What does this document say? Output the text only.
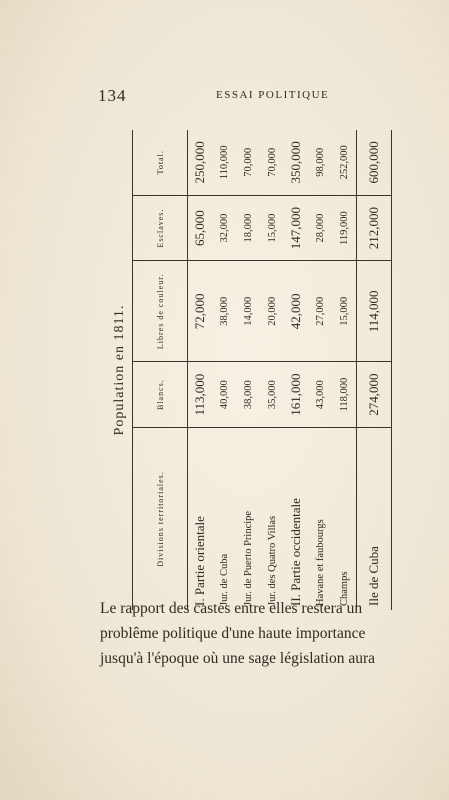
134	ESSAI POLITIQUE
Population en 1811.
Divisions territoriales.	Blancs.	Libres de couleur.	Esclaves.	Total.
I. Partie orientale	113,000	72,000	65,000	250,000
Jur. de Cuba	40,000	38,000	32,000	110,000
Jur. de Puerto Principe	38,000	14,000	18,000	70,000
Jur. des Quatro Villas	35,000	20,000	15,000	70,000
II. Partie occidentale	161,000	42,000	147,000	350,000
Havane et faubourgs	43,000	27,000	28,000	98,000
Champs	118,000	15,000	119,000	252,000
Ile de Cuba	274,000	114,000	212,000	600,000

Le rapport des castes entre elles restera un

problême politique d'une haute importance

jusqu'à l'époque où une sage législation aura
